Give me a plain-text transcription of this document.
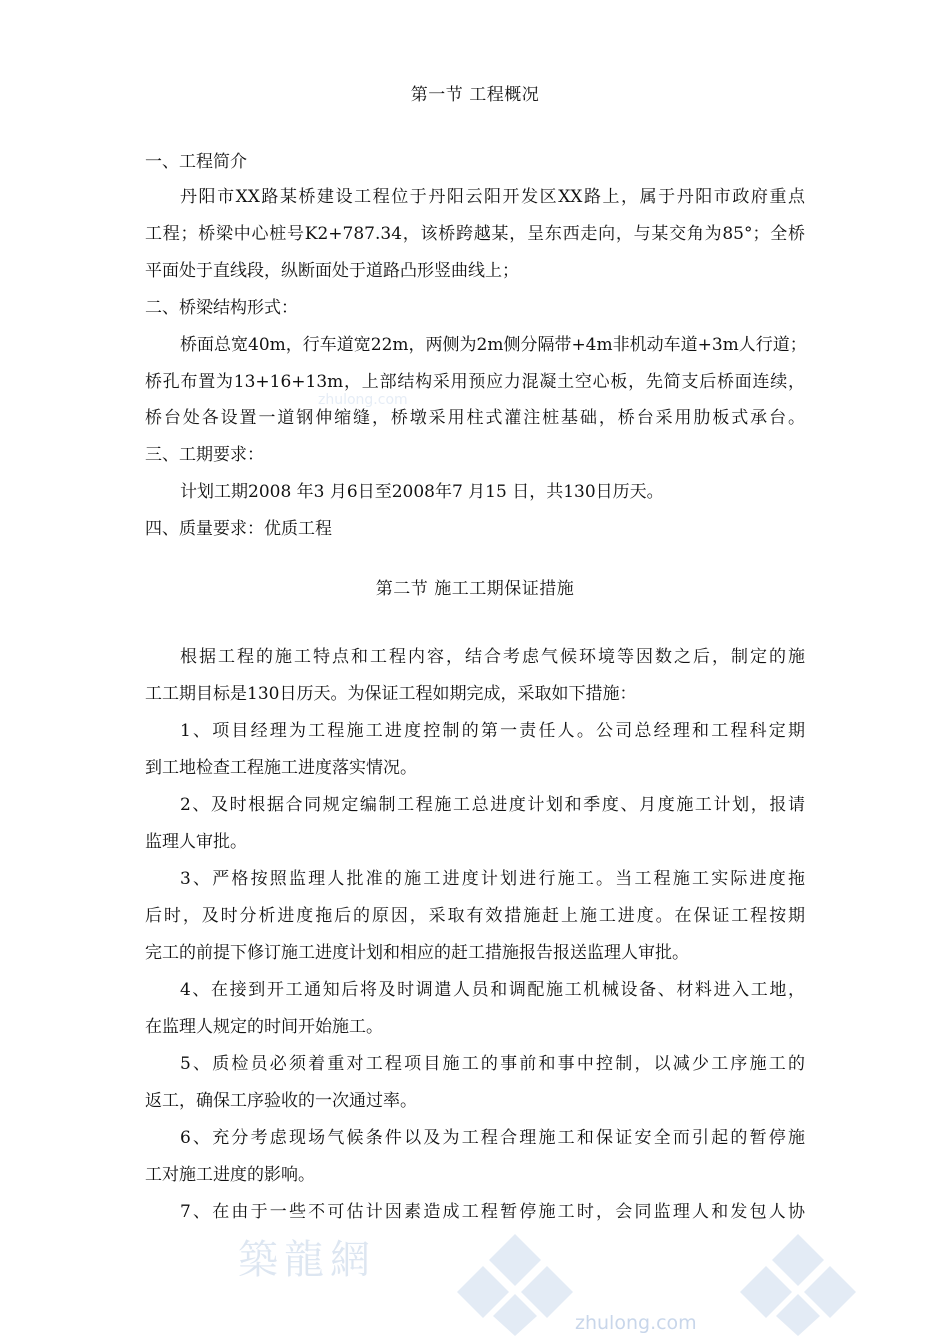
第一节 工程概况
一、工程简介
丹阳市XX路某桥建设工程位于丹阳云阳开发区XX路上，属于丹阳市政府重点
工程；桥梁中心桩号K2+787.34，该桥跨越某，呈东西走向，与某交角为85°；全桥
平面处于直线段，纵断面处于道路凸形竖曲线上；
二、桥梁结构形式：
桥面总宽40m，行车道宽22m，两侧为2m侧分隔带+4m非机动车道+3m人行道；
桥孔布置为13+16+13m，上部结构采用预应力混凝土空心板，先简支后桥面连续，
桥台处各设置一道钢伸缩缝，桥墩采用柱式灌注桩基础，桥台采用肋板式承台。
三、工期要求：
计划工期2008 年3 月6日至2008年7 月15 日，共130日历天。
四、质量要求：优质工程
第二节 施工工期保证措施
根据工程的施工特点和工程内容，结合考虑气候环境等因数之后，制定的施
工工期目标是130日历天。为保证工程如期完成，采取如下措施：
1、项目经理为工程施工进度控制的第一责任人。公司总经理和工程科定期
到工地检查工程施工进度落实情况。
2、及时根据合同规定编制工程施工总进度计划和季度、月度施工计划，报请
监理人审批。
3、严格按照监理人批准的施工进度计划进行施工。当工程施工实际进度拖
后时，及时分析进度拖后的原因，采取有效措施赶上施工进度。在保证工程按期
完工的前提下修订施工进度计划和相应的赶工措施报告报送监理人审批。
4、在接到开工通知后将及时调遣人员和调配施工机械设备、材料进入工地，
在监理人规定的时间开始施工。
5、质检员必须着重对工程项目施工的事前和事中控制，以减少工序施工的
返工，确保工序验收的一次通过率。
6、充分考虑现场气候条件以及为工程合理施工和保证安全而引起的暂停施
工对施工进度的影响。
7、在由于一些不可估计因素造成工程暂停施工时，会同监理人和发包人协
zhulong.com
築龍網
zhulong.com
